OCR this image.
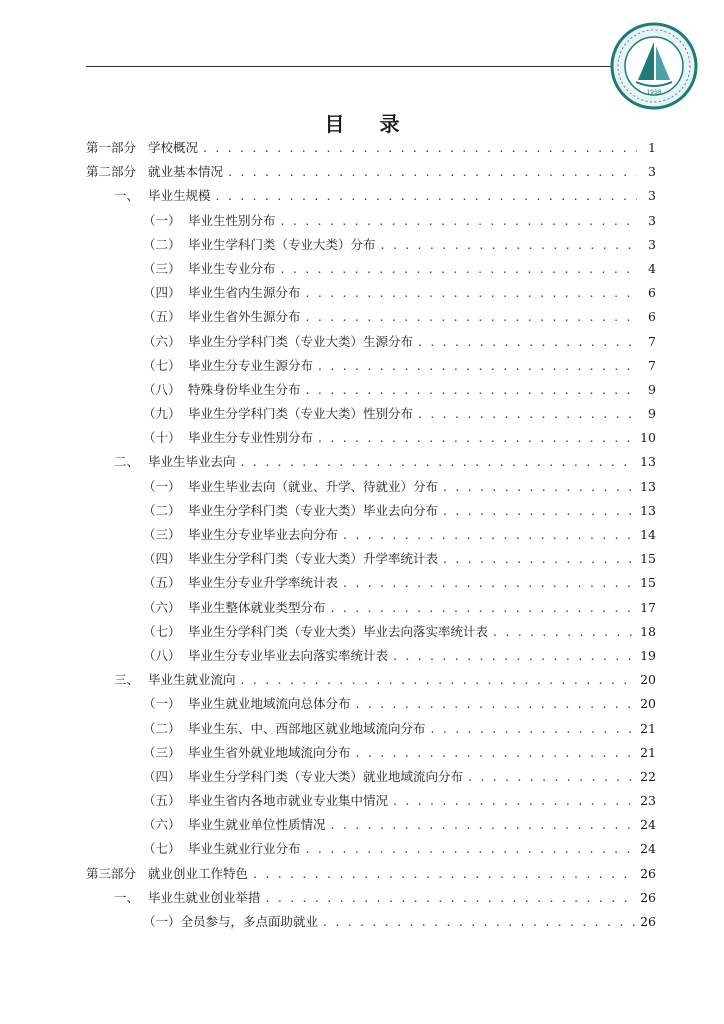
1958
目 录
第一部分 学校概况 . . .	1
第二部分 就业基本情况 . . .	3
一、 毕业生规模 . . .	3
（一） 毕业生性别分布 . . .	3
（二） 毕业生学科门类（专业大类）分布 . . .	3
（三） 毕业生专业分布 . . .	4
（四） 毕业生省内生源分布 . . .	6
（五） 毕业生省外生源分布 . . .	6
（六） 毕业生分学科门类（专业大类）生源分布 . . .	7
（七） 毕业生分专业生源分布 . . .	7
（八） 特殊身份毕业生分布 . . .	9
（九） 毕业生分学科门类（专业大类）性别分布 . . .	9
（十） 毕业生分专业性别分布 . . .	10
二、 毕业生毕业去向 . . .	13
（一） 毕业生毕业去向（就业、升学、待就业）分布 . . .	13
（二） 毕业生分学科门类（专业大类）毕业去向分布 . . .	13
（三） 毕业生分专业毕业去向分布 . . .	14
（四） 毕业生分学科门类（专业大类）升学率统计表 . . .	15
（五） 毕业生分专业升学率统计表 . . .	15
（六） 毕业生整体就业类型分布 . . .	17
（七） 毕业生分学科门类（专业大类）毕业去向落实率统计表 . . .	18
（八） 毕业生分专业毕业去向落实率统计表 . . .	19
三、 毕业生就业流向 . . .	20
（一） 毕业生就业地域流向总体分布 . . .	20
（二） 毕业生东、中、西部地区就业地域流向分布 . . .	21
（三） 毕业生省外就业地域流向分布 . . .	21
（四） 毕业生分学科门类（专业大类）就业地域流向分布 . . .	22
（五） 毕业生省内各地市就业专业集中情况 . . .	23
（六） 毕业生就业单位性质情况 . . .	24
（七） 毕业生就业行业分布 . . .	24
第三部分 就业创业工作特色 . . .	26
一、 毕业生就业创业举措 . . .	26
（一） 全员参与，多点面助就业 . . .	26
